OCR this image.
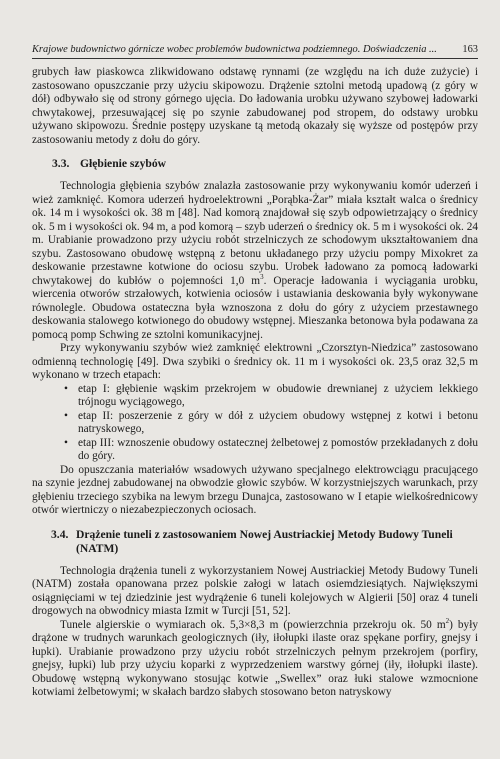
Krajowe budownictwo górnicze wobec problemów budownictwa podziemnego. Doświadczenia ... 163

grubych ław piaskowca zlikwidowano odstawę rynnami (ze względu na ich duże zużycie) i zastosowano opuszczanie przy użyciu skipowozu. Drążenie sztolni metodą upadową (z góry w dół) odbywało się od strony górnego ujęcia. Do ładowania urobku używano szybowej ładowarki chwytakowej, przesuwającej się po szynie zabudowanej pod stropem, do odstawy urobku używano skipowozu. Średnie postępy uzyskane tą metodą okazały się wyższe od postępów przy zastosowaniu metody z dołu do góry.

3.3. Głębienie szybów

Technologia głębienia szybów znalazła zastosowanie przy wykonywaniu komór uderzeń i wież zamknięć. Komora uderzeń hydroelektrowni „Porąbka-Żar” miała kształt walca o średnicy ok. 14 m i wysokości ok. 38 m [48]. Nad komorą znajdował się szyb odpowietrzający o średnicy ok. 5 m i wysokości ok. 94 m, a pod komorą – szyb uderzeń o średnicy ok. 5 m i wysokości ok. 24 m. Urabianie prowadzono przy użyciu robót strzelniczych ze schodowym ukształtowaniem dna szybu. Zastosowano obudowę wstępną z betonu układanego przy użyciu pompy Mixokret za deskowanie przestawne kotwione do ociosu szybu. Urobek ładowano za pomocą ładowarki chwytakowej do kubłów o pojemności 1,0 $m^3$. Operacje ładowania i wyciągania urobku, wiercenia otworów strzałowych, kotwienia ociosów i ustawiania deskowania były wykonywane równolegle. Obudowa ostateczna była wznoszona z dołu do góry z użyciem przestawnego deskowania stalowego kotwionego do obudowy wstępnej. Mieszanka betonowa była podawana za pomocą pomp Schwing ze sztolni komunikacyjnej.

Przy wykonywaniu szybów wież zamknięć elektrowni „Czorsztyn-Niedzica” zastosowano odmienną technologię [49]. Dwa szybiki o średnicy ok. 11 m i wysokości ok. 23,5 oraz 32,5 m wykonano w trzech etapach:

• etap I: głębienie wąskim przekrojem w obudowie drewnianej z użyciem lekkiego trójnogu wyciągowego,
• etap II: poszerzenie z góry w dół z użyciem obudowy wstępnej z kotwi i betonu natryskowego,
• etap III: wznoszenie obudowy ostatecznej żelbetowej z pomostów przekładanych z dołu do góry.

Do opuszczania materiałów wsadowych używano specjalnego elektrowciągu pracującego na szynie jezdnej zabudowanej na obwodzie głowic szybów. W korzystniejszych warunkach, przy głębieniu trzeciego szybika na lewym brzegu Dunajca, zastosowano w I etapie wielkośrednicowy otwór wiertniczy o niezabezpieczonych ociosach.

3.4. Drążenie tuneli z zastosowaniem Nowej Austriackiej Metody Budowy Tuneli (NATM)

Technologia drążenia tuneli z wykorzystaniem Nowej Austriackiej Metody Budowy Tuneli (NATM) została opanowana przez polskie załogi w latach osiemdziesiątych. Największymi osiągnięciami w tej dziedzinie jest wydrążenie 6 tuneli kolejowych w Algierii [50] oraz 4 tuneli drogowych na obwodnicy miasta Izmit w Turcji [51, 52].

Tunele algierskie o wymiarach ok. 5,3×8,3 m (powierzchnia przekroju ok. 50 $m^2$) były drążone w trudnych warunkach geologicznych (iły, iłołupki ilaste oraz spękane porfiry, gnejsy i łupki). Urabianie prowadzono przy użyciu robót strzelniczych pełnym przekrojem (porfiry, gnejsy, łupki) lub przy użyciu koparki z wyprzedzeniem warstwy górnej (iły, iłołupki ilaste). Obudowę wstępną wykonywano stosując kotwie „Swellex” oraz łuki stalowe wzmocnione kotwiami żelbetowymi; w skałach bardzo słabych stosowano beton natryskowy
